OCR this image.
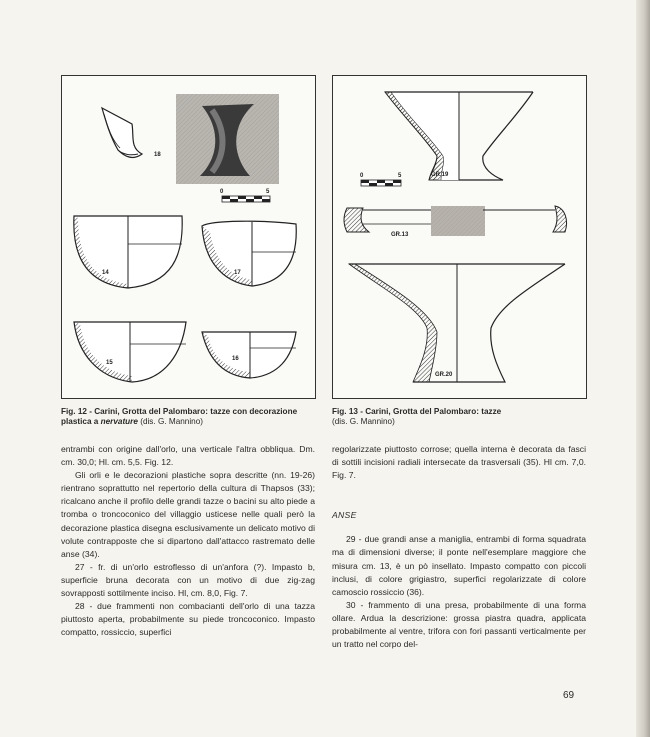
18
14	17
15
16
0	5
GR.19
GR.13
GR.20
0	5
Fig. 12 - Carini, Grotta del Palombaro: tazze con decorazione plastica a nervature (dis. G. Mannino)
Fig. 13 - Carini, Grotta del Palombaro: tazze
(dis. G. Mannino)

entrambi con origine dall'orlo, una verticale l'altra obbliqua. Dm. cm. 30,0; Hl. cm. 5,5. Fig. 12.

Gli orli e le decorazioni plastiche sopra descritte (nn. 19-26) rientrano soprattutto nel repertorio della cultura di Thapsos (33); ricalcano anche il profilo delle grandi tazze o bacini su alto piede a tromba o troncoconico del villaggio usticese nelle quali però la decorazione plastica disegna esclusivamente un delicato motivo di volute contrapposte che si dipartono dall'attacco rastremato delle anse (34).

27 - fr. di un'orlo estroflesso di un'anfora (?). Impasto b, superficie bruna decorata con un motivo di due zig-zag sovrapposti sottilmente inciso. Hl, cm. 8,0, Fig. 7.

28 - due frammenti non combacianti dell'orlo di una tazza piuttosto aperta, probabilmente su piede troncoconico. Impasto compatto, rossiccio, superfici

regolarizzate piuttosto corrose; quella interna è decorata da fasci di sottili incisioni radiali intersecate da trasversali (35). Hl cm. 7,0. Fig. 7.

ANSE

29 - due grandi anse a maniglia, entrambi di forma squadrata ma di dimensioni diverse; il ponte nell'esemplare maggiore che misura cm. 13, è un pò insellato. Impasto compatto con piccoli inclusi, di colore grigiastro, superfici regolarizzate di colore camoscio rossiccio (36).

30 - frammento di una presa, probabilmente di una forma ollare. Ardua la descrizione: grossa piastra quadra, applicata probabilmente al ventre, trifora con fori passanti verticalmente per un tratto nel corpo del-

69
